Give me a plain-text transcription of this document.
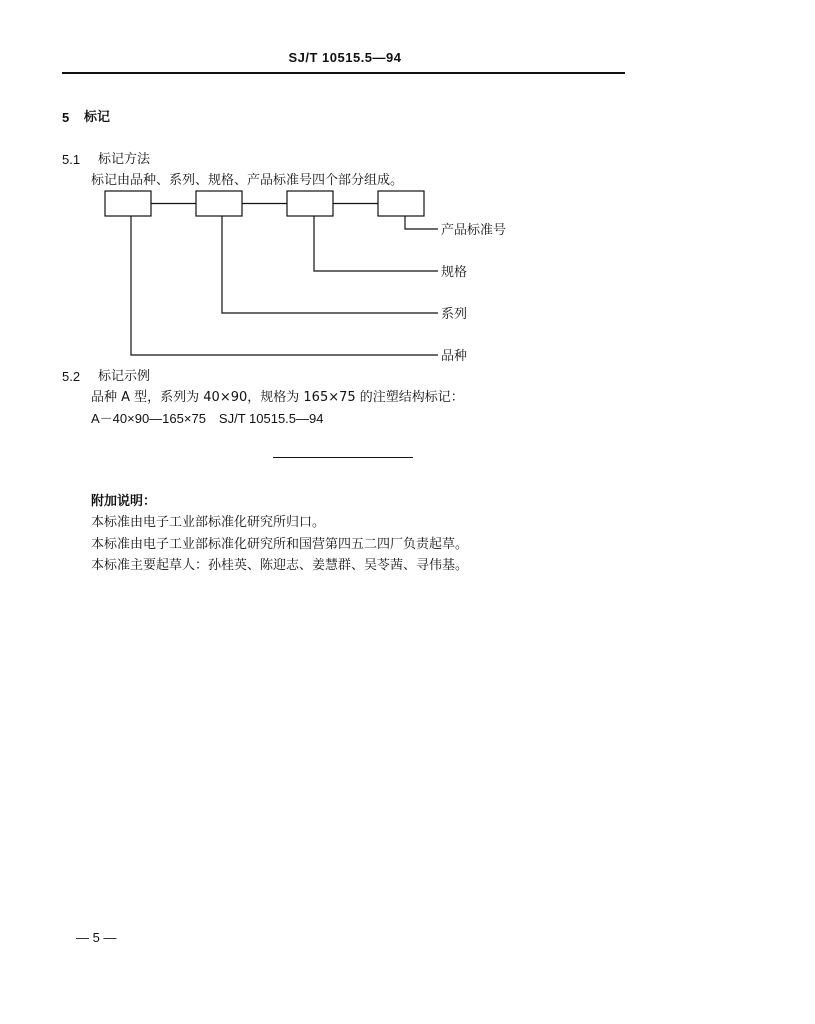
SJ/T 10515.5—94
5 标记
5.1 标记方法
标记由品种、系列、规格、产品标准号四个部分组成。
产品标准号
规格
系列
品种
5.2 标记示例
品种 A 型，系列为 40×90，规格为 165×75 的注塑结构标记：
A－40×90—165×75　SJ/T 10515.5—94
附加说明：
本标准由电子工业部标准化研究所归口。
本标准由电子工业部标准化研究所和国营第四五二四厂负责起草。
本标准主要起草人：孙桂英、陈迎志、姜慧群、吴苓茜、寻伟基。
— 5 —
